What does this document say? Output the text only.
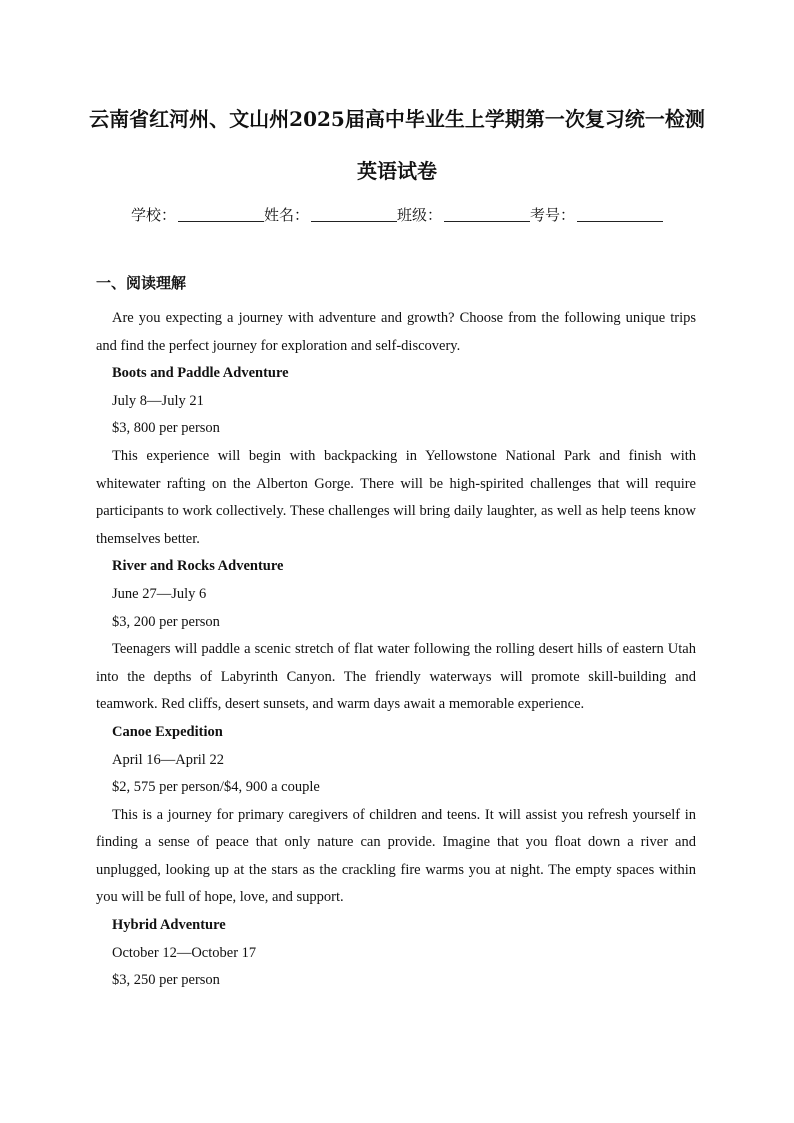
云南省红河州、文山州2025届高中毕业生上学期第一次复习统一检测
英语试卷
学校：	姓名：	班级：	考号：
一、阅读理解

Are you expecting a journey with adventure and growth? Choose from the following unique trips and find the perfect journey for exploration and self-discovery.

Boots and Paddle Adventure

July 8—July 21

$3, 800 per person

This experience will begin with backpacking in Yellowstone National Park and finish with whitewater rafting on the Alberton Gorge. There will be high-spirited challenges that will require participants to work collectively. These challenges will bring daily laughter, as well as help teens know themselves better.

River and Rocks Adventure

June 27—July 6

$3, 200 per person

Teenagers will paddle a scenic stretch of flat water following the rolling desert hills of eastern Utah into the depths of Labyrinth Canyon. The friendly waterways will promote skill-building and teamwork. Red cliffs, desert sunsets, and warm days await a memorable experience.

Canoe Expedition

April 16—April 22

$2, 575 per person/$4, 900 a couple

This is a journey for primary caregivers of children and teens. It will assist you refresh yourself in finding a sense of peace that only nature can provide. Imagine that you float down a river and unplugged, looking up at the stars as the crackling fire warms you at night. The empty spaces within you will be full of hope, love, and support.

Hybrid Adventure

October 12—October 17

$3, 250 per person
